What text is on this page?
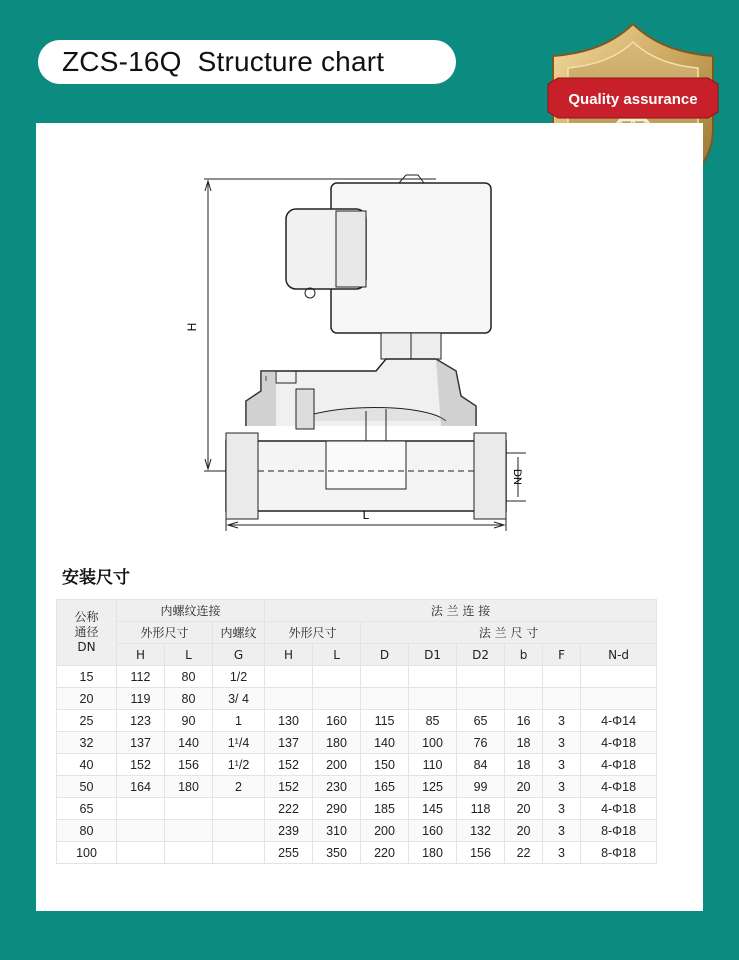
ZCS-16Q  Structure chart
Quality assurance
H
L
DN
安装尺寸
公称
通径
DN	内螺纹连接			法 兰 连 接							
	外形尺寸		内螺纹	外形尺寸		法 兰 尺 寸					
	H	L	G	H	L	D	D1	D2	b	F	N-d
15	112	80	1/2								
20	119	80	3/ 4								
25	123	90	1	130	160	115	85	65	16	3	4-Φ14
32	137	140	1¹/4	137	180	140	100	76	18	3	4-Φ18
40	152	156	1¹/2	152	200	150	110	84	18	3	4-Φ18
50	164	180	2	152	230	165	125	99	20	3	4-Φ18
65				222	290	185	145	118	20	3	4-Φ18
80				239	310	200	160	132	20	3	8-Φ18
100				255	350	220	180	156	22	3	8-Φ18
